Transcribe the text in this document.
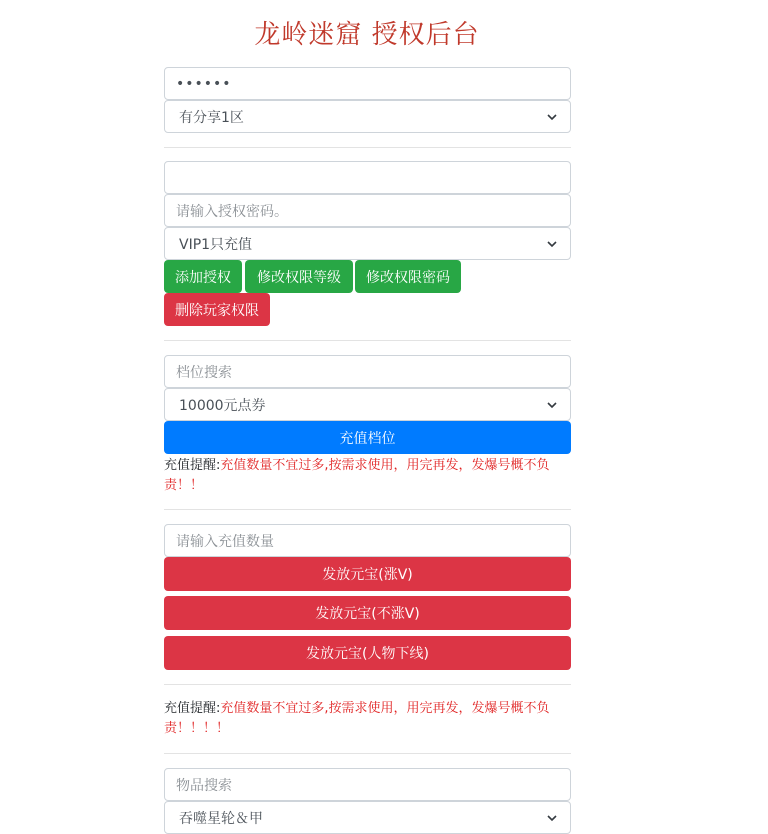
龙岭迷窟 授权后台
••••••
有分享1区
请输入授权密码。
VIP1只充值
添加授权	修改权限等级	修改权限密码
删除玩家权限
档位搜索
10000元点券
充值档位
充值提醒:充值数量不宜过多,按需求使用，用完再发，发爆号概不负责！！
请输入充值数量
发放元宝(涨V)
发放元宝(不涨V)
发放元宝(人物下线)
充值提醒:充值数量不宜过多,按需求使用，用完再发，发爆号概不负责！！！！
物品搜索
吞噬星轮＆甲
